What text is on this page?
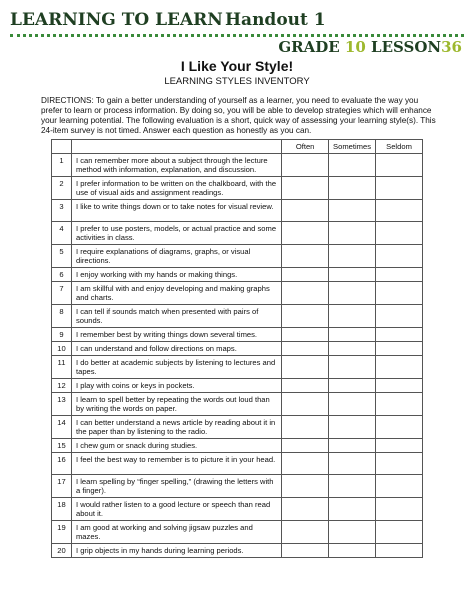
LEARNING TO LEARN Handout 1
GRADE 10 LESSON36
I Like Your Style!
LEARNING STYLES INVENTORY
DIRECTIONS: To gain a better understanding of yourself as a learner, you need to evaluate the way you prefer to learn or process information. By doing so, you will be able to develop strategies which will enhance your learning potential. The following evaluation is a short, quick way of assessing your learning style(s). This 24-item survey is not timed. Answer each question as honestly as you can.
		Often	Sometimes	Seldom
1	I can remember more about a subject through the lecture method with information, explanation, and discussion.			
2	I prefer information to be written on the chalkboard, with the use of visual aids and assignment readings.			
3	I like to write things down or to take notes for visual review.			
4	I prefer to use posters, models, or actual practice and some activities in class.			
5	I require explanations of diagrams, graphs, or visual directions.			
6	I enjoy working with my hands or making things.			
7	I am skillful with and enjoy developing and making graphs and charts.			
8	I can tell if sounds match when presented with pairs of sounds.			
9	I remember best by writing things down several times.			
10	I can understand and follow directions on maps.			
11	I do better at academic subjects by listening to lectures and tapes.			
12	I play with coins or keys in pockets.			
13	I learn to spell better by repeating the words out loud than by writing the words on paper.			
14	I can better understand a news article by reading about it in the paper than by listening to the radio.			
15	I chew gum or snack during studies.			
16	I feel the best way to remember is to picture it in your head.			
17	I learn spelling by “finger spelling,” (drawing the letters with a finger).			
18	I would rather listen to a good lecture or speech than read about it.			
19	I am good at working and solving jigsaw puzzles and mazes.			
20	I grip objects in my hands during learning periods.			
